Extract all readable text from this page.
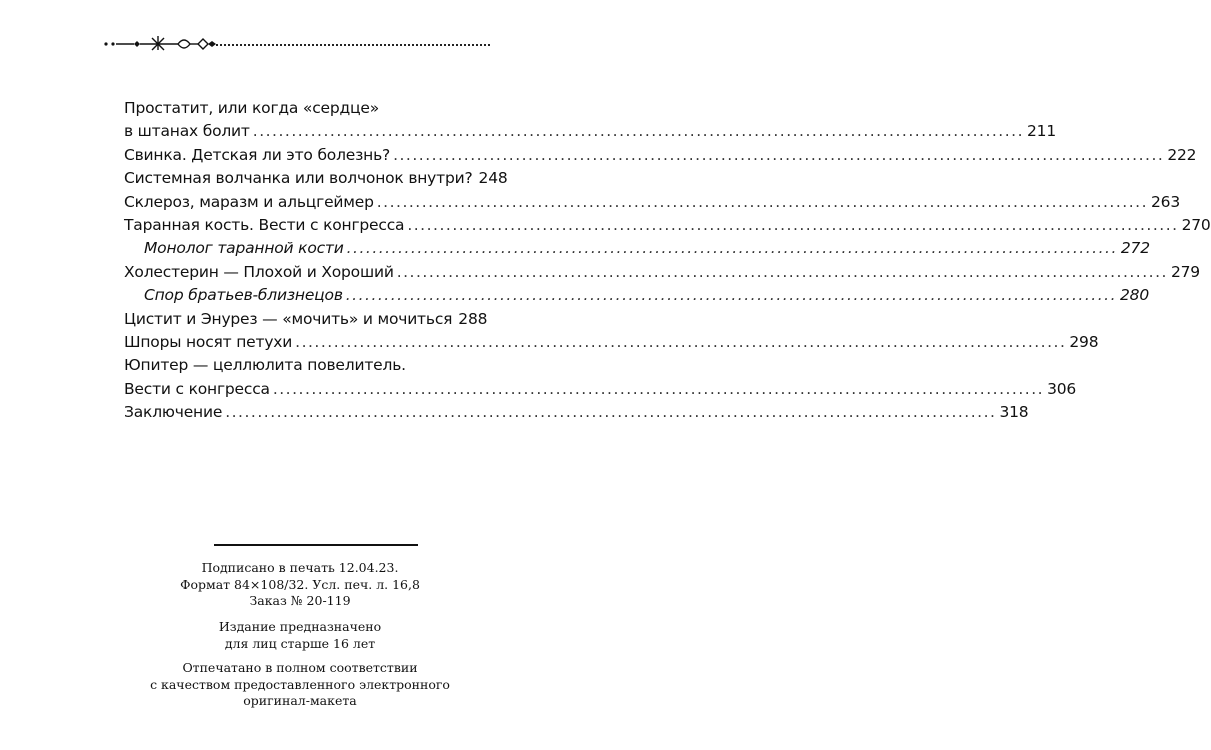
Простатит, или когда «сердце»
в штанах болит ........................................................................................................................ 211
Свинка. Детская ли это болезнь? ........................................................................................................................ 222
Системная волчанка или волчонок внутри? 248
Склероз, маразм и альцгеймер ........................................................................................................................ 263
Таранная кость. Вести с конгресса ........................................................................................................................ 270
Монолог таранной кости ........................................................................................................................ 272
Холестерин — Плохой и Хороший ........................................................................................................................ 279
Спор братьев-близнецов ........................................................................................................................ 280
Цистит и Энурез — «мочить» и мочиться 288
Шпоры носят петухи ........................................................................................................................ 298
Юпитер — целлюлита повелитель.
Вести с конгресса ........................................................................................................................ 306
Заключение ........................................................................................................................ 318
Подписано в печать 12.04.23.
Формат 84×108/32. Усл. печ. л. 16,8
Заказ № 20-119
Издание предназначено
для лиц старше 16 лет
Отпечатано в полном соответствии
с качеством предоставленного электронного
оригинал-макета
